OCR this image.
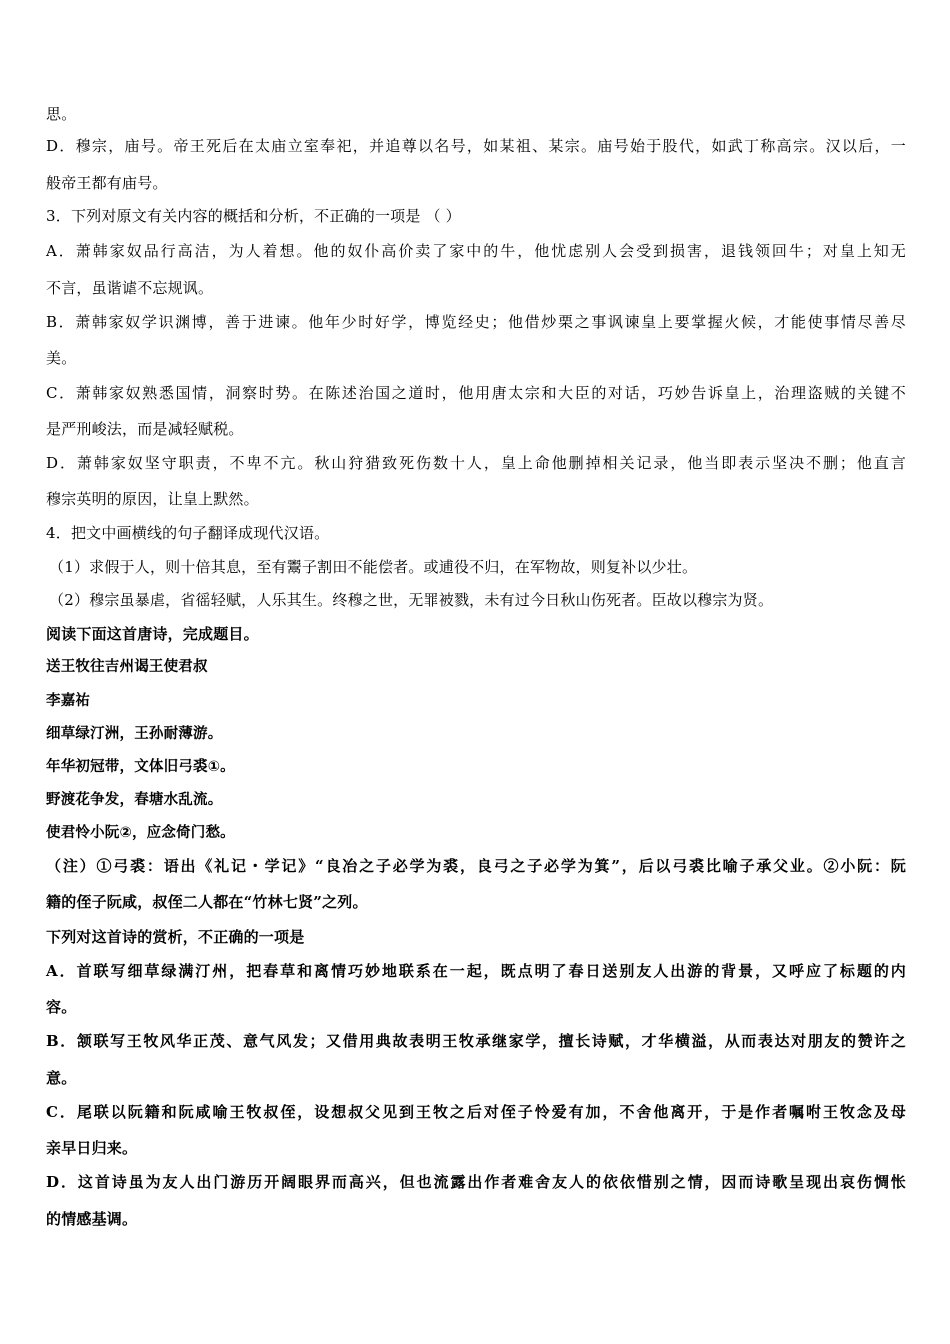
思。
D．穆宗，庙号。帝王死后在太庙立室奉祀，并追尊以名号，如某祖、某宗。庙号始于股代，如武丁称高宗。汉以后，一
般帝王都有庙号。
3．下列对原文有关内容的概括和分析，不正确的一项是 （ ）
A．萧韩家奴品行高洁，为人着想。他的奴仆高价卖了家中的牛，他忧虑别人会受到损害，退钱领回牛；对皇上知无
不言，虽谐谑不忘规讽。
B．萧韩家奴学识渊博，善于进谏。他年少时好学，博览经史；他借炒栗之事讽谏皇上要掌握火候，才能使事情尽善尽
美。
C．萧韩家奴熟悉国情，洞察时势。在陈述治国之道时，他用唐太宗和大臣的对话，巧妙告诉皇上，治理盗贼的关键不
是严刑峻法，而是减轻赋税。
D．萧韩家奴坚守职责，不卑不亢。秋山狩猎致死伤数十人，皇上命他删掉相关记录，他当即表示坚决不删；他直言
穆宗英明的原因，让皇上默然。
4．把文中画横线的句子翻译成现代汉语。
（1）求假于人，则十倍其息，至有鬻子割田不能偿者。或逋役不归，在军物故，则复补以少壮。
（2）穆宗虽暴虐，省徭轻赋，人乐其生。终穆之世，无罪被戮，未有过今日秋山伤死者。臣故以穆宗为贤。
阅读下面这首唐诗，完成题目。
送王牧往吉州谒王使君叔
李嘉祐
细草绿汀洲，王孙耐薄游。
年华初冠带，文体旧弓裘①。
野渡花争发，春塘水乱流。
使君怜小阮②，应念倚门愁。
（注）①弓裘：语出《礼记・学记》“良冶之子必学为裘，良弓之子必学为箕”，后以弓裘比喻子承父业。②小阮：阮
籍的侄子阮咸，叔侄二人都在“竹林七贤”之列。
下列对这首诗的赏析，不正确的一项是
A．首联写细草绿满汀州，把春草和离情巧妙地联系在一起，既点明了春日送别友人出游的背景，又呼应了标题的内
容。
B．颔联写王牧风华正茂、意气风发；又借用典故表明王牧承继家学，擅长诗赋，才华横溢，从而表达对朋友的赞许之
意。
C．尾联以阮籍和阮咸喻王牧叔侄，设想叔父见到王牧之后对侄子怜爱有加，不舍他离开，于是作者嘱咐王牧念及母
亲早日归来。
D．这首诗虽为友人出门游历开阔眼界而高兴，但也流露出作者难舍友人的依依惜别之情，因而诗歌呈现出哀伤惆怅
的情感基调。
